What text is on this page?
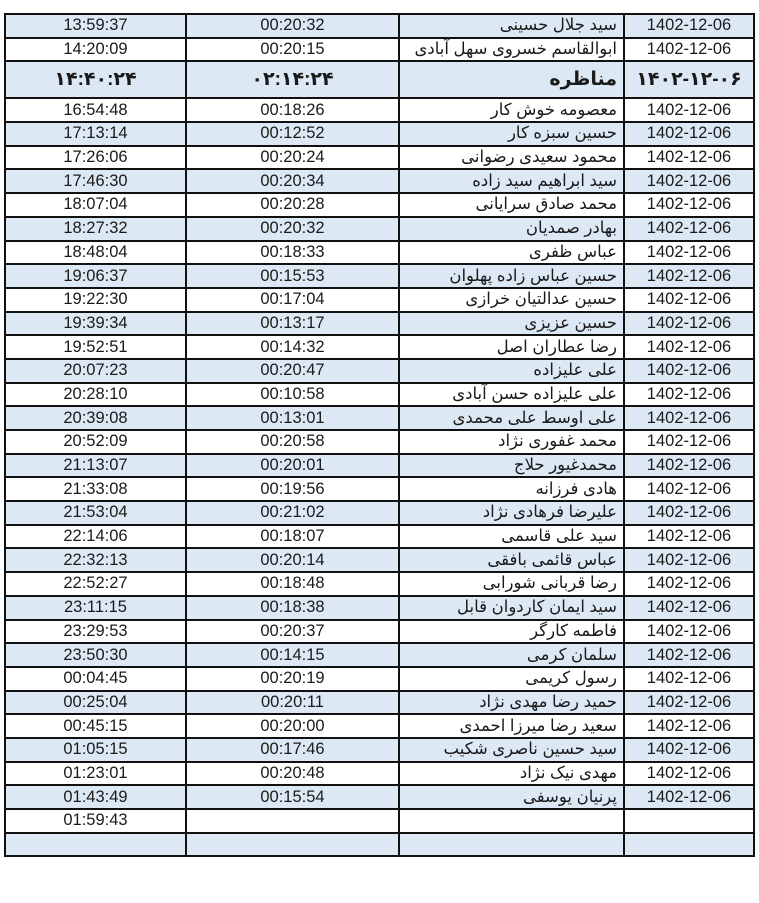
13:59:37	00:20:32	سید جلال حسینی	1402-12-06
14:20:09	00:20:15	ابوالقاسم خسروی سهل آبادی	1402-12-06
۱۴:۴۰:۲۴	۰۲:۱۴:۲۴	مناظره	۱۴۰۲-۱۲-۰۶
16:54:48	00:18:26	معصومه خوش کار	1402-12-06
17:13:14	00:12:52	حسین سبزه کار	1402-12-06
17:26:06	00:20:24	محمود سعیدی رضوانی	1402-12-06
17:46:30	00:20:34	سید ابراهیم سید زاده	1402-12-06
18:07:04	00:20:28	محمد صادق سرایانی	1402-12-06
18:27:32	00:20:32	بهادر صمدیان	1402-12-06
18:48:04	00:18:33	عباس ظفری	1402-12-06
19:06:37	00:15:53	حسین عباس زاده پهلوان	1402-12-06
19:22:30	00:17:04	حسین عدالتیان خرازی	1402-12-06
19:39:34	00:13:17	حسین عزیزی	1402-12-06
19:52:51	00:14:32	رضا عطاران اصل	1402-12-06
20:07:23	00:20:47	علی علیزاده	1402-12-06
20:28:10	00:10:58	علی علیزاده حسن آبادی	1402-12-06
20:39:08	00:13:01	علی اوسط علی محمدی	1402-12-06
20:52:09	00:20:58	محمد غفوری نژاد	1402-12-06
21:13:07	00:20:01	محمدغیور حلاج	1402-12-06
21:33:08	00:19:56	هادی فرزانه	1402-12-06
21:53:04	00:21:02	علیرضا فرهادی نژاد	1402-12-06
22:14:06	00:18:07	سید علی قاسمی	1402-12-06
22:32:13	00:20:14	عباس قائمی بافقی	1402-12-06
22:52:27	00:18:48	رضا قربانی شورابی	1402-12-06
23:11:15	00:18:38	سید ایمان کاردوان قابل	1402-12-06
23:29:53	00:20:37	فاطمه کارگر	1402-12-06
23:50:30	00:14:15	سلمان کرمی	1402-12-06
00:04:45	00:20:19	رسول کریمی	1402-12-06
00:25:04	00:20:11	حمید رضا مهدی نژاد	1402-12-06
00:45:15	00:20:00	سعید رضا میرزا احمدی	1402-12-06
01:05:15	00:17:46	سید حسین ناصری شکیب	1402-12-06
01:23:01	00:20:48	مهدی نیک نژاد	1402-12-06
01:43:49	00:15:54	پرنیان یوسفی	1402-12-06
01:59:43			
